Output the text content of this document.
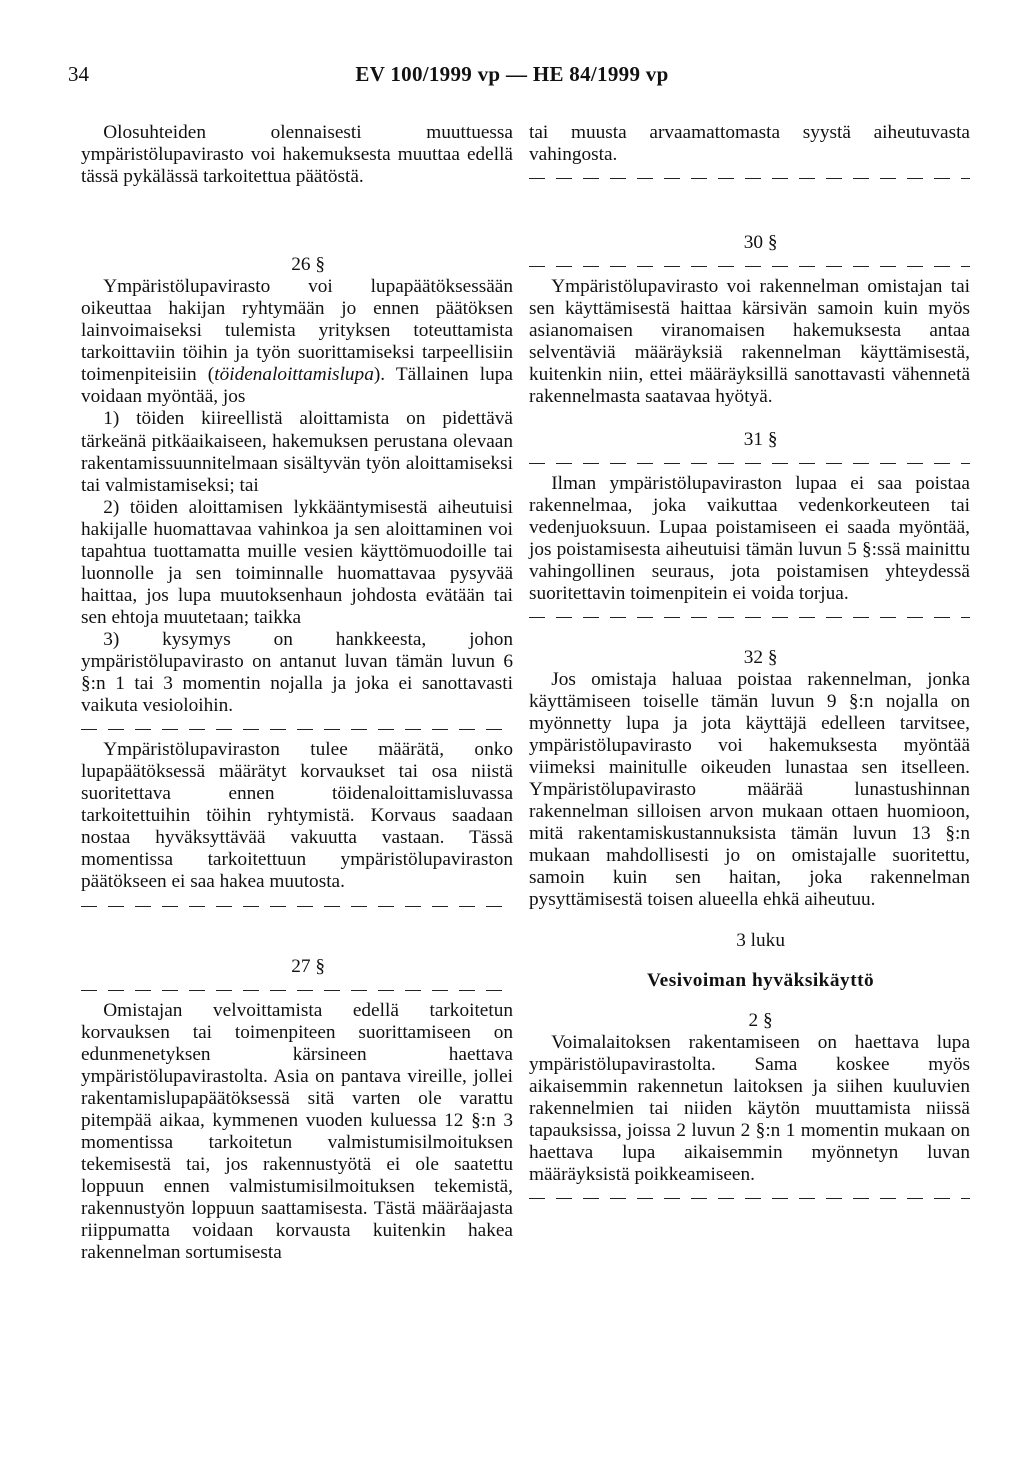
34	EV 100/1999 vp — HE 84/1999 vp

Olosuhteiden olennaisesti muuttuessa ympäristölupavirasto voi hakemuksesta muuttaa edellä tässä pykälässä tarkoitettua päätöstä.

26 §

Ympäristölupavirasto voi lupapäätöksessään oikeuttaa hakijan ryhtymään jo ennen päätöksen lainvoimaiseksi tulemista yrityksen toteuttamista tarkoittaviin töihin ja työn suorittamiseksi tarpeellisiin toimenpiteisiin (töidenaloittamislupa). Tällainen lupa voidaan myöntää, jos

1) töiden kiireellistä aloittamista on pidettävä tärkeänä pitkäaikaiseen, hakemuksen perustana olevaan rakentamissuunnitelmaan sisältyvän työn aloittamiseksi tai valmistamiseksi; tai

2) töiden aloittamisen lykkääntymisestä aiheutuisi hakijalle huomattavaa vahinkoa ja sen aloittaminen voi tapahtua tuottamatta muille vesien käyttömuodoille tai luonnolle ja sen toiminnalle huomattavaa pysyvää haittaa, jos lupa muutoksenhaun johdosta evätään tai sen ehtoja muutetaan; taikka

3) kysymys on hankkeesta, johon ympäristölupavirasto on antanut luvan tämän luvun 6 §:n 1 tai 3 momentin nojalla ja joka ei sanottavasti vaikuta vesioloihin.

Ympäristölupaviraston tulee määrätä, onko lupapäätöksessä määrätyt korvaukset tai osa niistä suoritettava ennen töidenaloittamisluvassa tarkoitettuihin töihin ryhtymistä. Korvaus saadaan nostaa hyväksyttävää vakuutta vastaan. Tässä momentissa tarkoitettuun ympäristölupaviraston päätökseen ei saa hakea muutosta.

27 §

Omistajan velvoittamista edellä tarkoitetun korvauksen tai toimenpiteen suorittamiseen on edunmenetyksen kärsineen haettava ympäristölupavirastolta. Asia on pantava vireille, jollei rakentamislupapäätöksessä sitä varten ole varattu pitempää aikaa, kymmenen vuoden kuluessa 12 §:n 3 momentissa tarkoitetun valmistumisilmoituksen tekemisestä tai, jos rakennustyötä ei ole saatettu loppuun ennen valmistumisilmoituksen tekemistä, rakennustyön loppuun saattamisesta. Tästä määräajasta riippumatta voidaan korvausta kuitenkin hakea rakennelman sortumisesta

tai muusta arvaamattomasta syystä aiheutuvasta vahingosta.

30 §

Ympäristölupavirasto voi rakennelman omistajan tai sen käyttämisestä haittaa kärsivän samoin kuin myös asianomaisen viranomaisen hakemuksesta antaa selventäviä määräyksiä rakennelman käyttämisestä, kuitenkin niin, ettei määräyksillä sanottavasti vähennetä rakennelmasta saatavaa hyötyä.

31 §

Ilman ympäristölupaviraston lupaa ei saa poistaa rakennelmaa, joka vaikuttaa vedenkorkeuteen tai vedenjuoksuun. Lupaa poistamiseen ei saada myöntää, jos poistamisesta aiheutuisi tämän luvun 5 §:ssä mainittu vahingollinen seuraus, jota poistamisen yhteydessä suoritettavin toimenpitein ei voida torjua.

32 §

Jos omistaja haluaa poistaa rakennelman, jonka käyttämiseen toiselle tämän luvun 9 §:n nojalla on myönnetty lupa ja jota käyttäjä edelleen tarvitsee, ympäristölupavirasto voi hakemuksesta myöntää viimeksi mainitulle oikeuden lunastaa sen itselleen. Ympäristölupavirasto määrää lunastushinnan rakennelman silloisen arvon mukaan ottaen huomioon, mitä rakentamiskustannuksista tämän luvun 13 §:n mukaan mahdollisesti jo on omistajalle suoritettu, samoin kuin sen haitan, joka rakennelman pysyttämisestä toisen alueella ehkä aiheutuu.

3 luku

Vesivoiman hyväksikäyttö

2 §

Voimalaitoksen rakentamiseen on haettava lupa ympäristölupavirastolta. Sama koskee myös aikaisemmin rakennetun laitoksen ja siihen kuuluvien rakennelmien tai niiden käytön muuttamista niissä tapauksissa, joissa 2 luvun 2 §:n 1 momentin mukaan on haettava lupa aikaisemmin myönnetyn luvan määräyksistä poikkeamiseen.
